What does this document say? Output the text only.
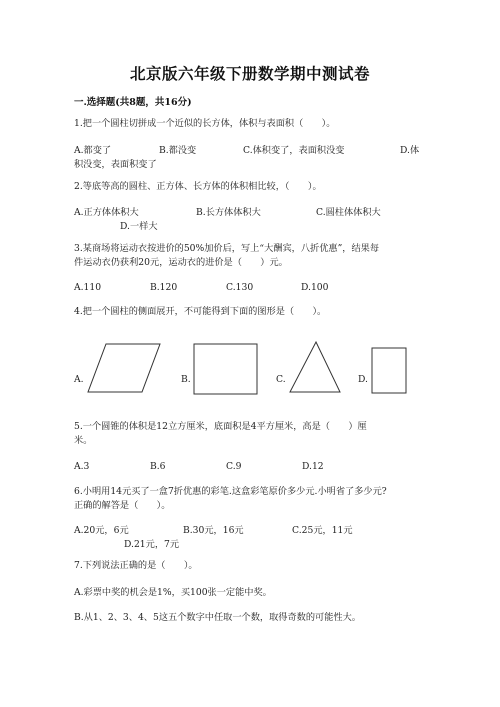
北京版六年级下册数学期中测试卷
一.选择题(共8题，共16分)
1.把一个圆柱切拼成一个近似的长方体，体积与表面积（　　）。
A.都变了	B.都没变	C.体积变了，表面积没变	D.体
积没变，表面积变了
2.等底等高的圆柱、正方体、长方体的体积相比较，（　　）。
A.正方体体积大	B.长方体体积大	C.圆柱体体积大
D.一样大
3.某商场将运动衣按进价的50%加价后，写上“大酬宾，八折优惠”，结果每
件运动衣仍获利20元，运动衣的进价是（　　）元。
A.110	B.120	C.130	D.100
4.把一个圆柱的侧面展开，不可能得到下面的图形是（　　）。
A.	B.	C.	D.
5.一个圆锥的体积是12立方厘米，底面积是4平方厘米，高是（　　）厘
米。
A.3	B.6	C.9	D.12
6.小明用14元买了一盒7折优惠的彩笔.这盒彩笔原价多少元.小明省了多少元?
正确的解答是（　　）。
A.20元，6元	B.30元，16元	C.25元，11元
D.21元，7元
7.下列说法正确的是（　　）。
A.彩票中奖的机会是1%，买100张一定能中奖。
B.从1、2、3、4、5这五个数字中任取一个数，取得奇数的可能性大。
